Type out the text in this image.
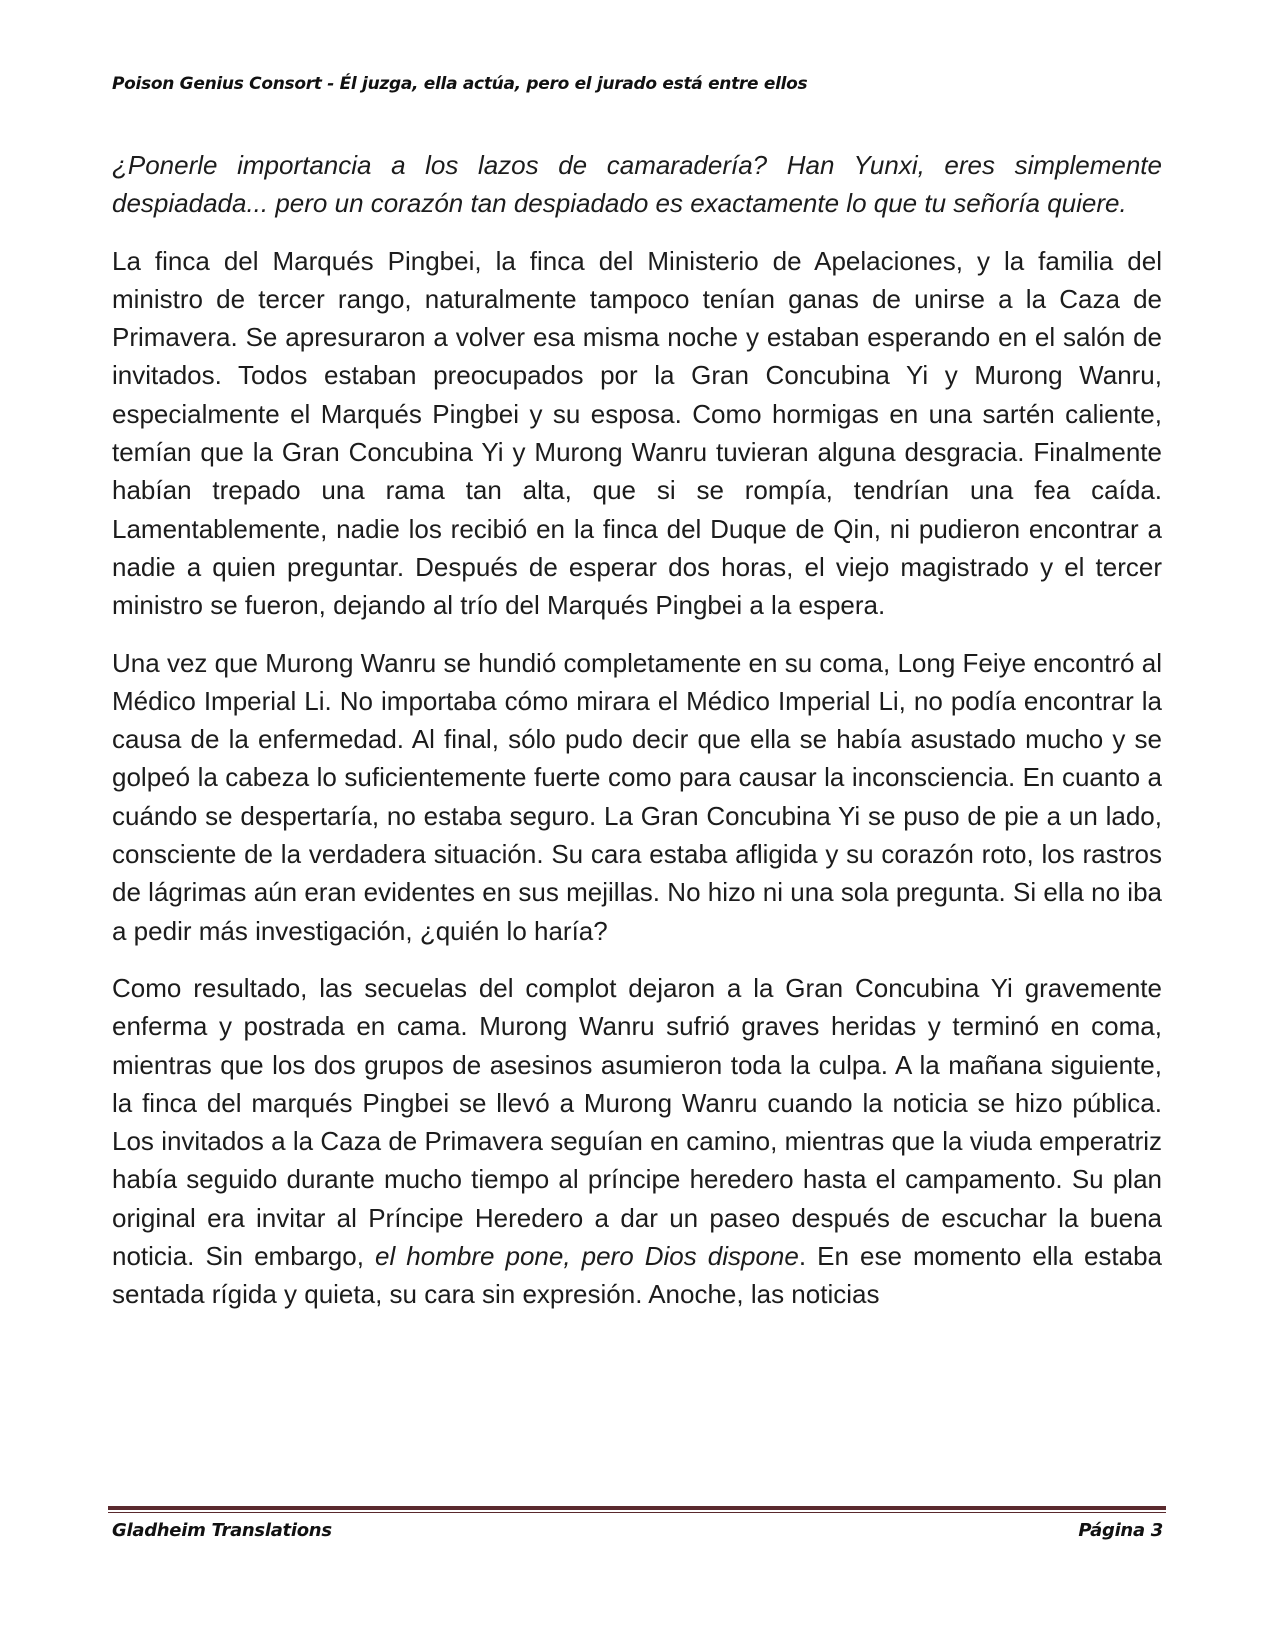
Poison Genius Consort - Él juzga, ella actúa, pero el jurado está entre ellos

¿Ponerle importancia a los lazos de camaradería? Han Yunxi, eres simplemente despiadada... pero un corazón tan despiadado es exactamente lo que tu señoría quiere.

La finca del Marqués Pingbei, la finca del Ministerio de Apelaciones, y la familia del ministro de tercer rango, naturalmente tampoco tenían ganas de unirse a la Caza de Primavera. Se apresuraron a volver esa misma noche y estaban esperando en el salón de invitados. Todos estaban preocupados por la Gran Concubina Yi y Murong Wanru, especialmente el Marqués Pingbei y su esposa. Como hormigas en una sartén caliente, temían que la Gran Concubina Yi y Murong Wanru tuvieran alguna desgracia. Finalmente habían trepado una rama tan alta, que si se rompía, tendrían una fea caída. Lamentablemente, nadie los recibió en la finca del Duque de Qin, ni pudieron encontrar a nadie a quien preguntar. Después de esperar dos horas, el viejo magistrado y el tercer ministro se fueron, dejando al trío del Marqués Pingbei a la espera.

Una vez que Murong Wanru se hundió completamente en su coma, Long Feiye encontró al Médico Imperial Li. No importaba cómo mirara el Médico Imperial Li, no podía encontrar la causa de la enfermedad. Al final, sólo pudo decir que ella se había asustado mucho y se golpeó la cabeza lo suficientemente fuerte como para causar la inconsciencia. En cuanto a cuándo se despertaría, no estaba seguro. La Gran Concubina Yi se puso de pie a un lado, consciente de la verdadera situación. Su cara estaba afligida y su corazón roto, los rastros de lágrimas aún eran evidentes en sus mejillas. No hizo ni una sola pregunta. Si ella no iba a pedir más investigación, ¿quién lo haría?

Como resultado, las secuelas del complot dejaron a la Gran Concubina Yi gravemente enferma y postrada en cama. Murong Wanru sufrió graves heridas y terminó en coma, mientras que los dos grupos de asesinos asumieron toda la culpa. A la mañana siguiente, la finca del marqués Pingbei se llevó a Murong Wanru cuando la noticia se hizo pública. Los invitados a la Caza de Primavera seguían en camino, mientras que la viuda emperatriz había seguido durante mucho tiempo al príncipe heredero hasta el campamento. Su plan original era invitar al Príncipe Heredero a dar un paseo después de escuchar la buena noticia. Sin embargo, el hombre pone, pero Dios dispone. En ese momento ella estaba sentada rígida y quieta, su cara sin expresión. Anoche, las noticias

Gladheim Translations	Página 3
